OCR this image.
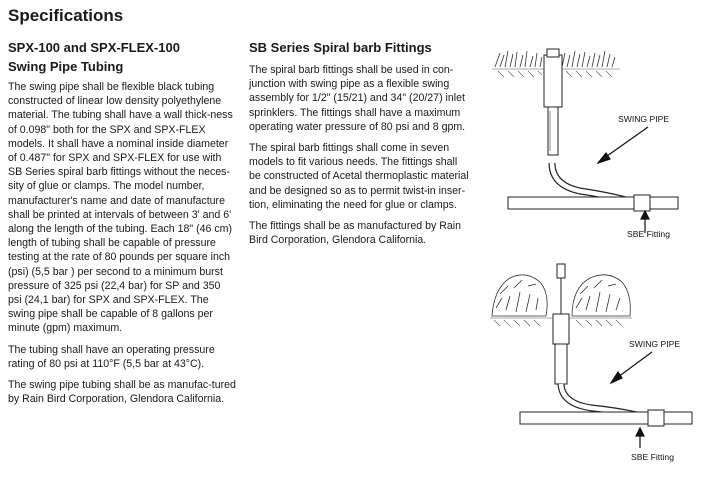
Specifications
SPX-100 and SPX-FLEX-100
Swing Pipe Tubing

The swing pipe shall be flexible black tubing constructed of linear low density polyethylene material. The tubing shall have a wall thick-ness of 0.098" both for the SPX and SPX-FLEX models. It shall have a nominal inside diameter of 0.487" for SPX and SPX-FLEX for use with SB Series spiral barb fittings without the neces-sity of glue or clamps. The model number, manufacturer's name and date of manufacture shall be printed at intervals of between 3' and 6' along the length of the tubing. Each 18" (46 cm) length of tubing shall be capable of pressure testing at the rate of 80 pounds per square inch (psi) (5,5 bar ) per second to a minimum burst pressure of 325 psi (22,4 bar) for SP and 350 psi (24,1 bar) for SPX and SPX-FLEX. The swing pipe shall be capable of 8 gallons per minute (gpm) maximum.

The tubing shall have an operating pressure rating of 80 psi at 110°F (5,5 bar at 43°C).

The swing pipe tubing shall be as manufac-tured by Rain Bird Corporation, Glendora California.

SB Series Spiral barb Fittings

The spiral barb fittings shall be used in con-junction with swing pipe as a flexible swing assembly for 1/2" (15/21) and 34" (20/27) inlet sprinklers. The fittings shall have a maximum operating water pressure of 80 psi and 8 gpm.

The spiral barb fittings shall come in seven models to fit various needs. The fittings shall be constructed of Acetal thermoplastic material and be designed so as to permit twist-in inser-tion, eliminating the need for glue or clamps.

The fittings shall be as manufactured by Rain Bird Corporation, Glendora California.

SWING PIPE
SBE Fitting
SWING PIPE
SBE Fitting
